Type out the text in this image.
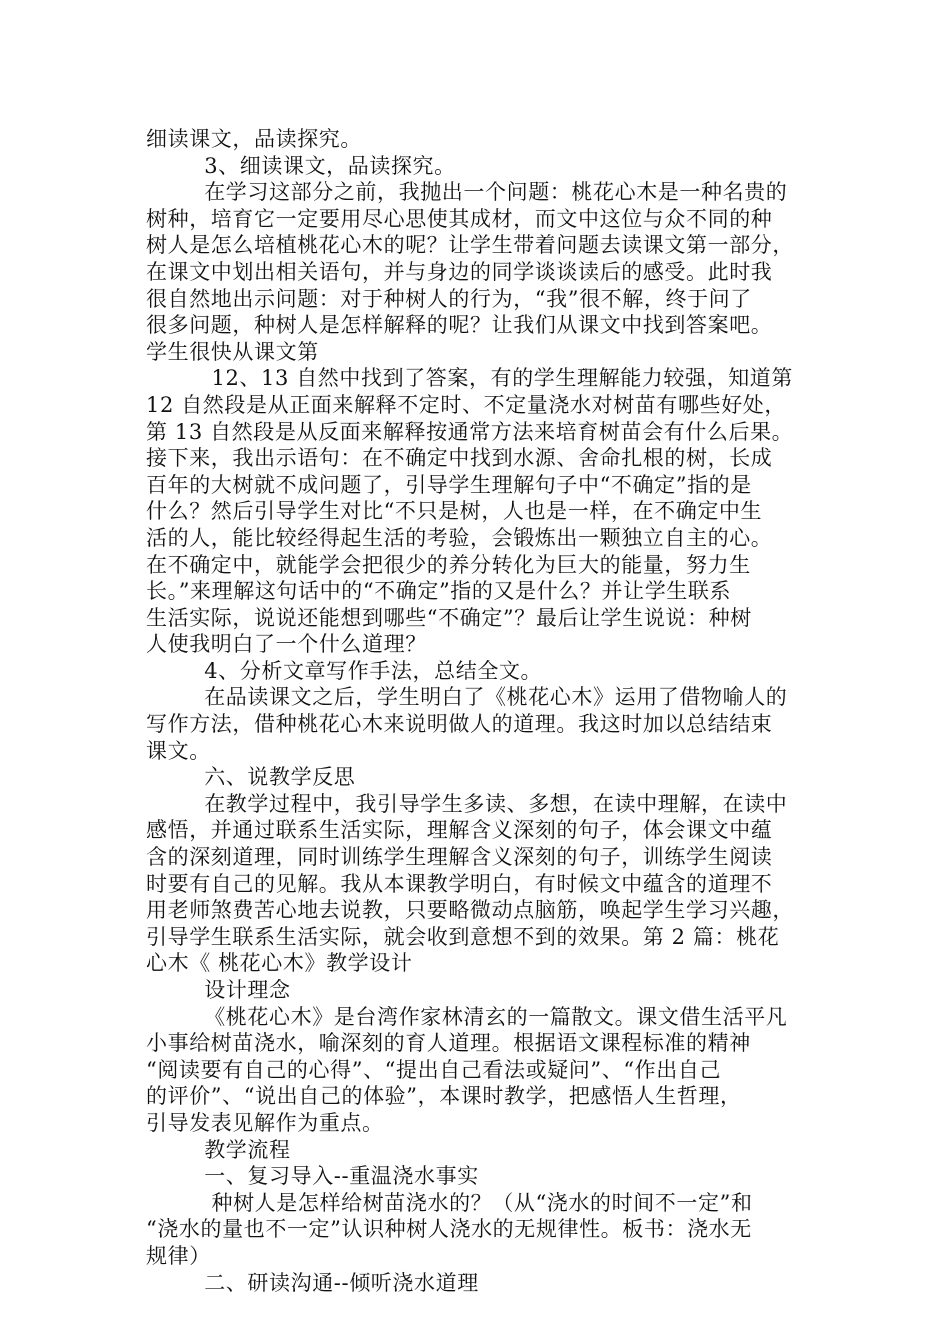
细读课文，品读探究。
3、细读课文，品读探究。
在学习这部分之前，我抛出一个问题：桃花心木是一种名贵的
树种，培育它一定要用尽心思使其成材，而文中这位与众不同的种
树人是怎么培植桃花心木的呢？让学生带着问题去读课文第一部分，
在课文中划出相关语句，并与身边的同学谈谈读后的感受。此时我
很自然地出示问题：对于种树人的行为，“我”很不解，终于问了
很多问题，种树人是怎样解释的呢？让我们从课文中找到答案吧。
学生很快从课文第
12、13 自然中找到了答案，有的学生理解能力较强，知道第
12 自然段是从正面来解释不定时、不定量浇水对树苗有哪些好处，
第 13 自然段是从反面来解释按通常方法来培育树苗会有什么后果。
接下来，我出示语句：在不确定中找到水源、舍命扎根的树，长成
百年的大树就不成问题了，引导学生理解句子中“不确定”指的是
什么？然后引导学生对比“不只是树，人也是一样，在不确定中生
活的人，能比较经得起生活的考验，会锻炼出一颗独立自主的心。
在不确定中，就能学会把很少的养分转化为巨大的能量，努力生
长。”来理解这句话中的“不确定”指的又是什么？并让学生联系
生活实际，说说还能想到哪些“不确定”？最后让学生说说：种树
人使我明白了一个什么道理？
4、分析文章写作手法，总结全文。
在品读课文之后，学生明白了《桃花心木》运用了借物喻人的
写作方法，借种桃花心木来说明做人的道理。我这时加以总结结束
课文。
六、说教学反思
在教学过程中，我引导学生多读、多想，在读中理解，在读中
感悟，并通过联系生活实际，理解含义深刻的句子，体会课文中蕴
含的深刻道理，同时训练学生理解含义深刻的句子，训练学生阅读
时要有自己的见解。我从本课教学明白，有时候文中蕴含的道理不
用老师煞费苦心地去说教，只要略微动点脑筋，唤起学生学习兴趣，
引导学生联系生活实际，就会收到意想不到的效果。第 2 篇：桃花
心木《 桃花心木》教学设计
设计理念
《桃花心木》是台湾作家林清玄的一篇散文。课文借生活平凡
小事给树苗浇水，喻深刻的育人道理。根据语文课程标准的精神
“阅读要有自己的心得”、“提出自己看法或疑问”、“作出自己
的评价”、“说出自己的体验”，本课时教学，把感悟人生哲理，
引导发表见解作为重点。
教学流程
一、复习导入--重温浇水事实
种树人是怎样给树苗浇水的？（从“浇水的时间不一定”和
“浇水的量也不一定”认识种树人浇水的无规律性。板书：浇水无
规律）
二、研读沟通--倾听浇水道理
